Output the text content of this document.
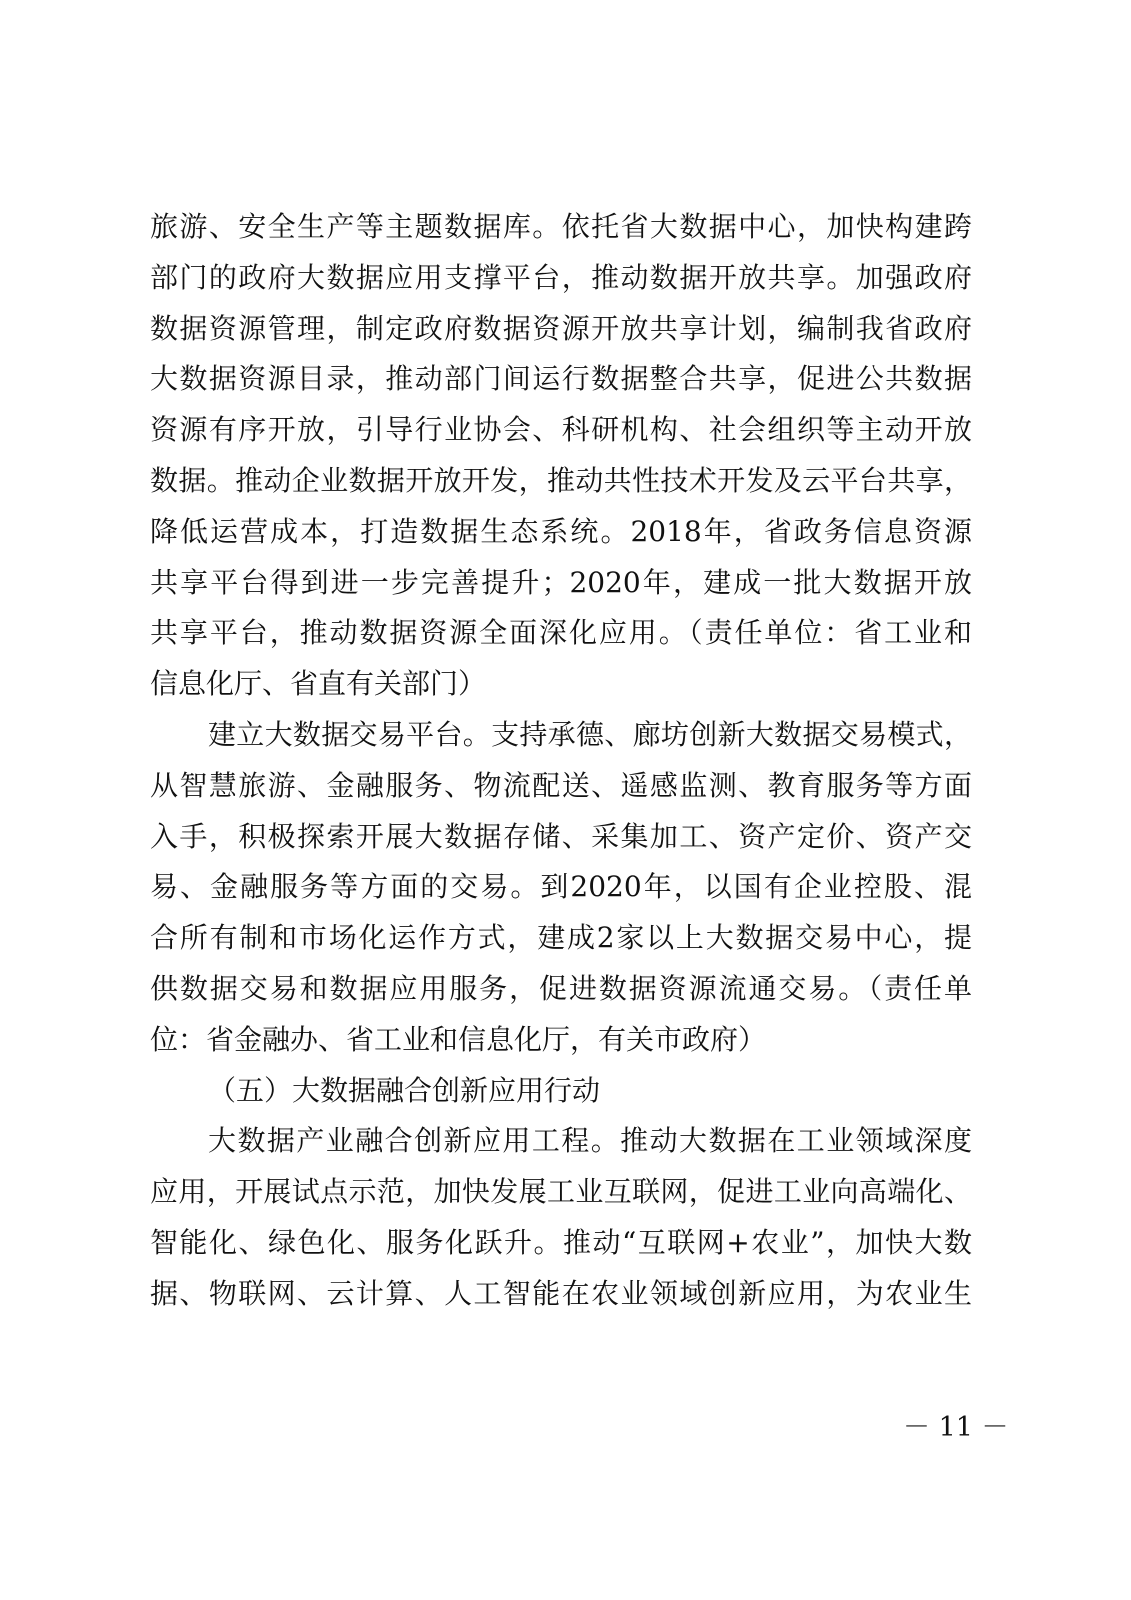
旅游、安全生产等主题数据库。依托省大数据中心，加快构建跨
部门的政府大数据应用支撑平台，推动数据开放共享。加强政府
数据资源管理，制定政府数据资源开放共享计划，编制我省政府
大数据资源目录，推动部门间运行数据整合共享，促进公共数据
资源有序开放，引导行业协会、科研机构、社会组织等主动开放
数据。推动企业数据开放开发，推动共性技术开发及云平台共享，
降低运营成本，打造数据生态系统。2018年，省政务信息资源
共享平台得到进一步完善提升；2020年，建成一批大数据开放
共享平台，推动数据资源全面深化应用。（责任单位：省工业和
信息化厅、省直有关部门）
建立大数据交易平台。支持承德、廊坊创新大数据交易模式，
从智慧旅游、金融服务、物流配送、遥感监测、教育服务等方面
入手，积极探索开展大数据存储、采集加工、资产定价、资产交
易、金融服务等方面的交易。到2020年，以国有企业控股、混
合所有制和市场化运作方式，建成2家以上大数据交易中心，提
供数据交易和数据应用服务，促进数据资源流通交易。（责任单
位：省金融办、省工业和信息化厅，有关市政府）
（五）大数据融合创新应用行动
大数据产业融合创新应用工程。推动大数据在工业领域深度
应用，开展试点示范，加快发展工业互联网，促进工业向高端化、
智能化、绿色化、服务化跃升。推动“互联网+农业”，加快大数
据、物联网、云计算、人工智能在农业领域创新应用，为农业生
－ 11 －
